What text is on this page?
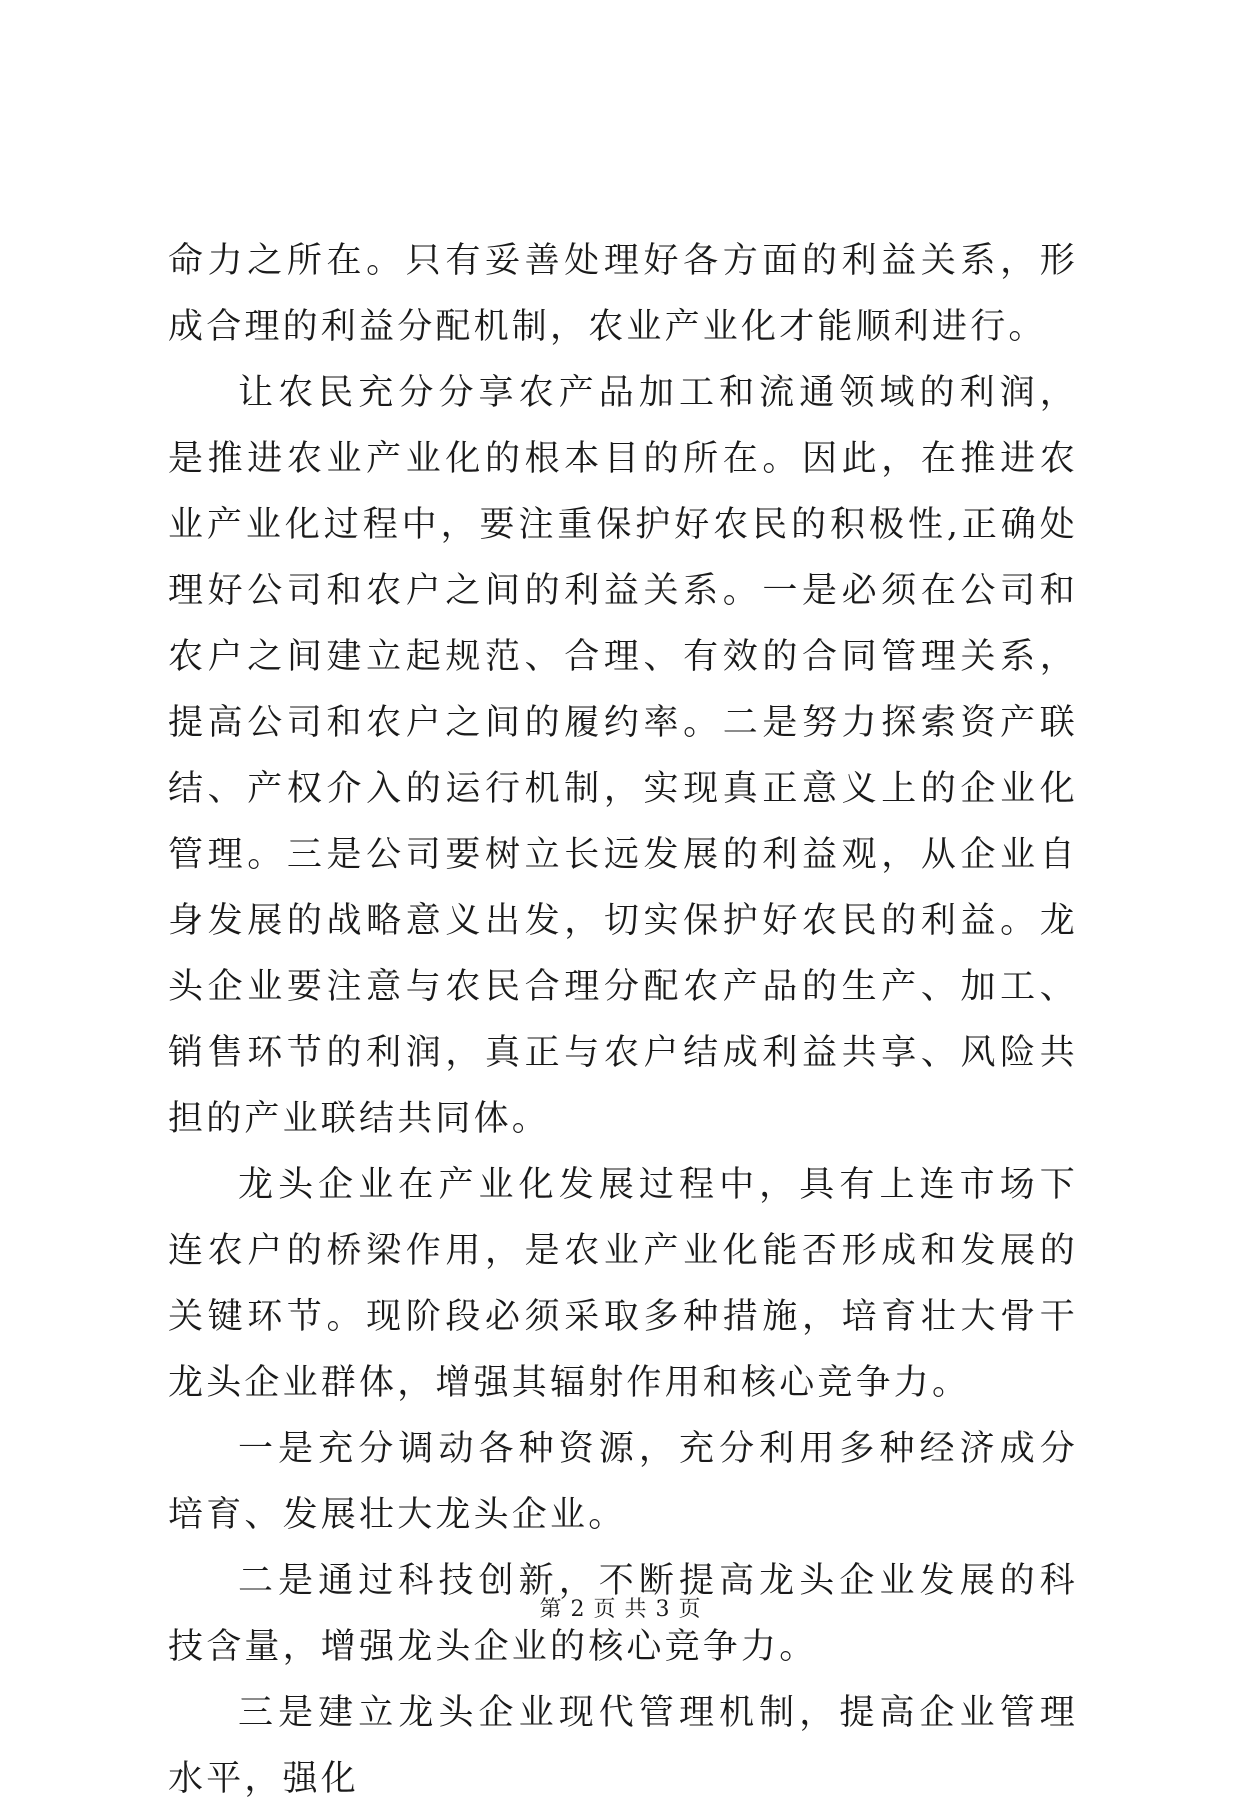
命力之所在。只有妥善处理好各方面的利益关系，形成合理的利益分配机制，农业产业化才能顺利进行。

让农民充分分享农产品加工和流通领域的利润，是推进农业产业化的根本目的所在。因此，在推进农业产业化过程中，要注重保护好农民的积极性,正确处理好公司和农户之间的利益关系。一是必须在公司和农户之间建立起规范、合理、有效的合同管理关系，提高公司和农户之间的履约率。二是努力探索资产联结、产权介入的运行机制，实现真正意义上的企业化管理。三是公司要树立长远发展的利益观，从企业自身发展的战略意义出发，切实保护好农民的利益。龙头企业要注意与农民合理分配农产品的生产、加工、销售环节的利润，真正与农户结成利益共享、风险共担的产业联结共同体。

龙头企业在产业化发展过程中，具有上连市场下连农户的桥梁作用，是农业产业化能否形成和发展的关键环节。现阶段必须采取多种措施，培育壮大骨干龙头企业群体，增强其辐射作用和核心竞争力。

一是充分调动各种资源，充分利用多种经济成分培育、发展壮大龙头企业。

二是通过科技创新，不断提高龙头企业发展的科技含量，增强龙头企业的核心竞争力。

三是建立龙头企业现代管理机制，提高企业管理水平，强化

第 2 页 共 3 页
